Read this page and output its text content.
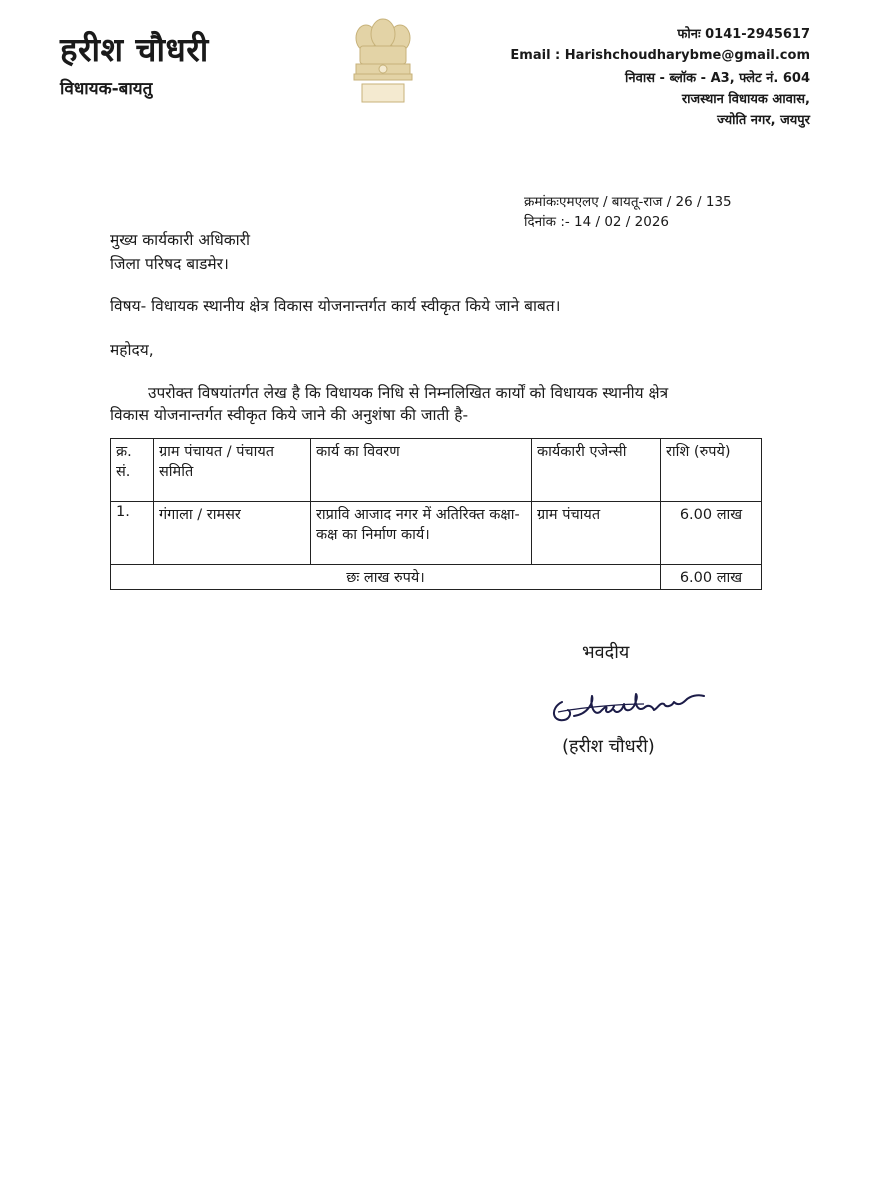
हरीश चौधरी
विधायक-बायतु
फोनः 0141-2945617
Email : Harishchoudharybme@gmail.com
निवास - ब्लॉक - A3, फ्लेट नं. 604
राजस्थान विधायक आवास,
ज्योति नगर, जयपुर
क्रमांकःएमएलए / बायतू-राज / 26 / 135
दिनांक :- 14 / 02 / 2026
मुख्य कार्यकारी अधिकारी
जिला परिषद बाडमेर।
विषय- विधायक स्थानीय क्षेत्र विकास योजनान्तर्गत कार्य स्वीकृत किये जाने बाबत।
महोदय,
उपरोक्त विषयांतर्गत लेख है कि विधायक निधि से निम्नलिखित कार्यों को विधायक स्थानीय क्षेत्र
विकास योजनान्तर्गत स्वीकृत किये जाने की अनुशंषा की जाती है-
क्र. सं.	ग्राम पंचायत / पंचायत समिति	कार्य का विवरण	कार्यकारी एजेन्सी	राशि (रुपये)
1.	गंगाला / रामसर	राप्रावि आजाद नगर में अतिरिक्त कक्षा-कक्ष का निर्माण कार्य।	ग्राम पंचायत	6.00 लाख
छः लाख रुपये।				6.00 लाख
भवदीय
(हरीश चौधरी)
